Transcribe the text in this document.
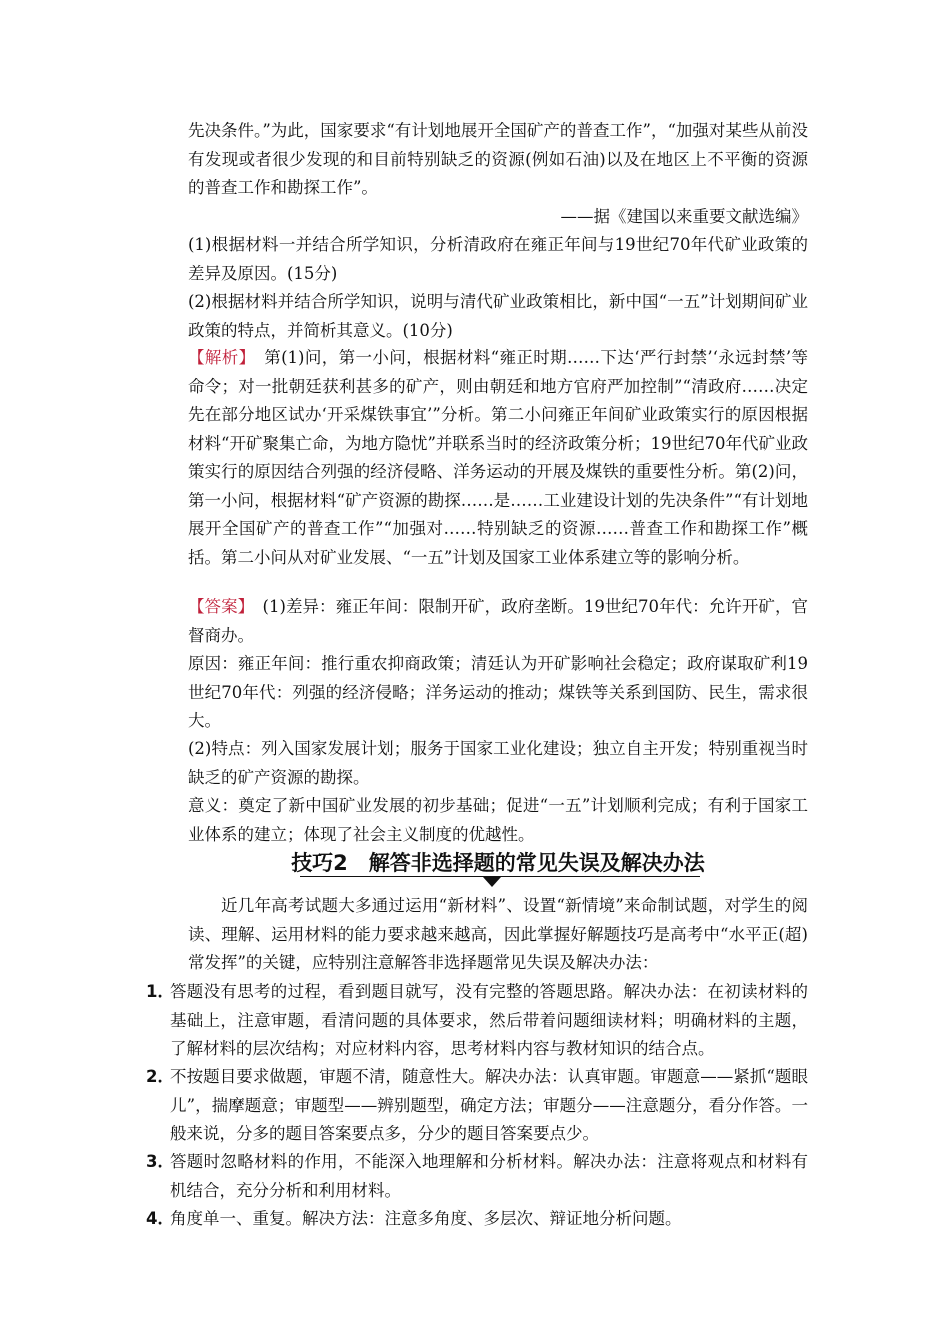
先决条件。”为此，国家要求“有计划地展开全国矿产的普查工作”，“加强对某些从前没有发现或者很少发现的和目前特别缺乏的资源(例如石油)以及在地区上不平衡的资源的普查工作和勘探工作”。

——据《建国以来重要文献选编》

(1)根据材料一并结合所学知识，分析清政府在雍正年间与19世纪70年代矿业政策的差异及原因。(15分)

(2)根据材料并结合所学知识，说明与清代矿业政策相比，新中国“一五”计划期间矿业政策的特点，并简析其意义。(10分)

【解析】　第(1)问，第一小问，根据材料“雍正时期……下达‘严行封禁’‘永远封禁’等命令；对一批朝廷获利甚多的矿产，则由朝廷和地方官府严加控制”“清政府……决定先在部分地区试办‘开采煤铁事宜’”分析。第二小问雍正年间矿业政策实行的原因根据材料“开矿聚集亡命，为地方隐忧”并联系当时的经济政策分析；19世纪70年代矿业政策实行的原因结合列强的经济侵略、洋务运动的开展及煤铁的重要性分析。第(2)问，第一小问，根据材料“矿产资源的勘探……是……工业建设计划的先决条件”“有计划地展开全国矿产的普查工作”“加强对……特别缺乏的资源……普查工作和勘探工作”概括。第二小问从对矿业发展、“一五”计划及国家工业体系建立等的影响分析。

【答案】　(1)差异：雍正年间：限制开矿，政府垄断。19世纪70年代：允许开矿，官督商办。

原因：雍正年间：推行重农抑商政策；清廷认为开矿影响社会稳定；政府谋取矿利19世纪70年代：列强的经济侵略；洋务运动的推动；煤铁等关系到国防、民生，需求很大。

(2)特点：列入国家发展计划；服务于国家工业化建设；独立自主开发；特别重视当时缺乏的矿产资源的勘探。

意义：奠定了新中国矿业发展的初步基础；促进“一五”计划顺利完成；有利于国家工业体系的建立；体现了社会主义制度的优越性。

技巧2　解答非选择题的常见失误及解决办法

近几年高考试题大多通过运用“新材料”、设置“新情境”来命制试题，对学生的阅读、理解、运用材料的能力要求越来越高，因此掌握好解题技巧是高考中“水平正(超)常发挥”的关键，应特别注意解答非选择题常见失误及解决办法：

1．
答题没有思考的过程，看到题目就写，没有完整的答题思路。解决办法：在初读材料的基础上，注意审题，看清问题的具体要求，然后带着问题细读材料；明确材料的主题，了解材料的层次结构；对应材料内容，思考材料内容与教材知识的结合点。
2．
不按题目要求做题，审题不清，随意性大。解决办法：认真审题。审题意——紧抓“题眼儿”，揣摩题意；审题型——辨别题型，确定方法；审题分——注意题分，看分作答。一般来说，分多的题目答案要点多，分少的题目答案要点少。
3．
答题时忽略材料的作用，不能深入地理解和分析材料。解决办法：注意将观点和材料有机结合，充分分析和利用材料。
4．
角度单一、重复。解决方法：注意多角度、多层次、辩证地分析问题。
